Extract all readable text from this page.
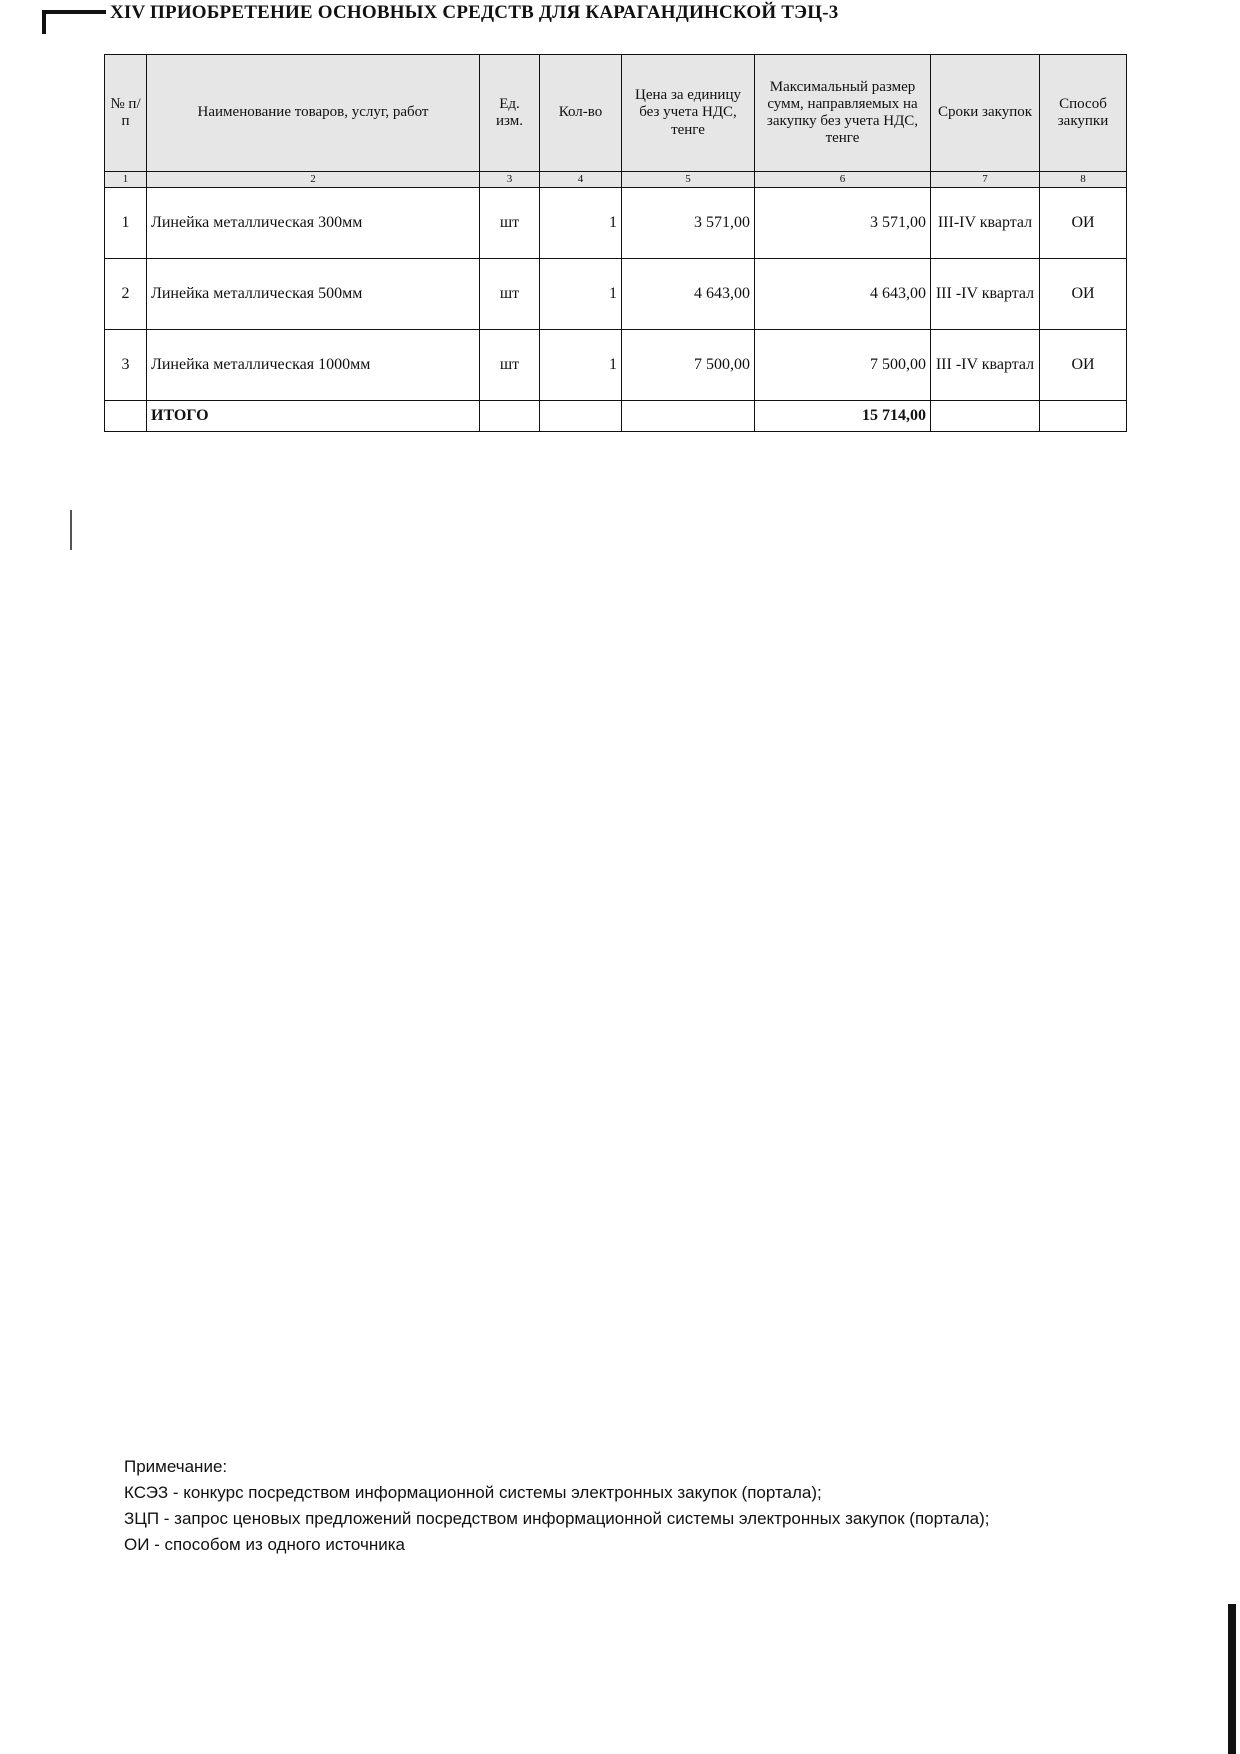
XIV ПРИОБРЕТЕНИЕ ОСНОВНЫХ СРЕДСТВ ДЛЯ КАРАГАНДИНСКОЙ ТЭЦ-3
№ п/п	Наименование товаров, услуг, работ	Ед. изм.	Кол-во	Цена за единицу без учета НДС, тенге	Максимальный размер сумм, направляемых на закупку без учета НДС, тенге	Сроки закупок	Способ закупки
1	2	3	4	5	6	7	8
1	Линейка металлическая 300мм	шт	1	3 571,00	3 571,00	III-IV квартал	ОИ
2	Линейка металлическая 500мм	шт	1	4 643,00	4 643,00	III -IV квартал	ОИ
3	Линейка металлическая 1000мм	шт	1	7 500,00	7 500,00	III -IV квартал	ОИ
	ИТОГО				15 714,00		
Примечание:
КСЭЗ - конкурс посредством информационной системы электронных закупок (портала);
ЗЦП - запрос ценовых предложений посредством информационной системы электронных закупок (портала);
ОИ - способом из одного источника
